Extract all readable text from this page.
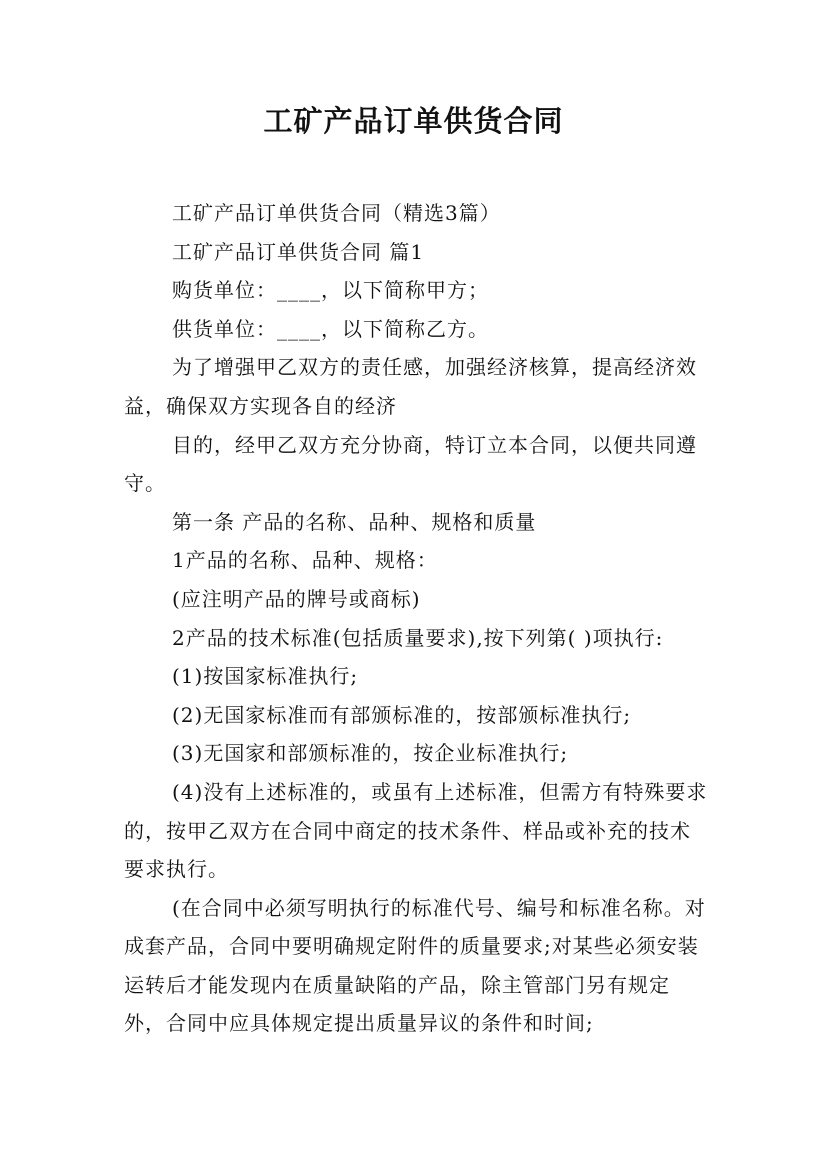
工矿产品订单供货合同

工矿产品订单供货合同（精选3篇）

工矿产品订单供货合同 篇1

购货单位：____，以下简称甲方；

供货单位：____，以下简称乙方。

为了增强甲乙双方的责任感，加强经济核算，提高经济效益，确保双方实现各自的经济

目的，经甲乙双方充分协商，特订立本合同，以便共同遵守。

第一条 产品的名称、品种、规格和质量

1产品的名称、品种、规格：

(应注明产品的牌号或商标)

2产品的技术标准(包括质量要求),按下列第( )项执行:

(1)按国家标准执行;

(2)无国家标准而有部颁标准的，按部颁标准执行;

(3)无国家和部颁标准的，按企业标准执行;

(4)没有上述标准的，或虽有上述标准，但需方有特殊要求的，按甲乙双方在合同中商定的技术条件、样品或补充的技术要求执行。

(在合同中必须写明执行的标准代号、编号和标准名称。对成套产品，合同中要明确规定附件的质量要求;对某些必须安装运转后才能发现内在质量缺陷的产品，除主管部门另有规定外，合同中应具体规定提出质量异议的条件和时间;
